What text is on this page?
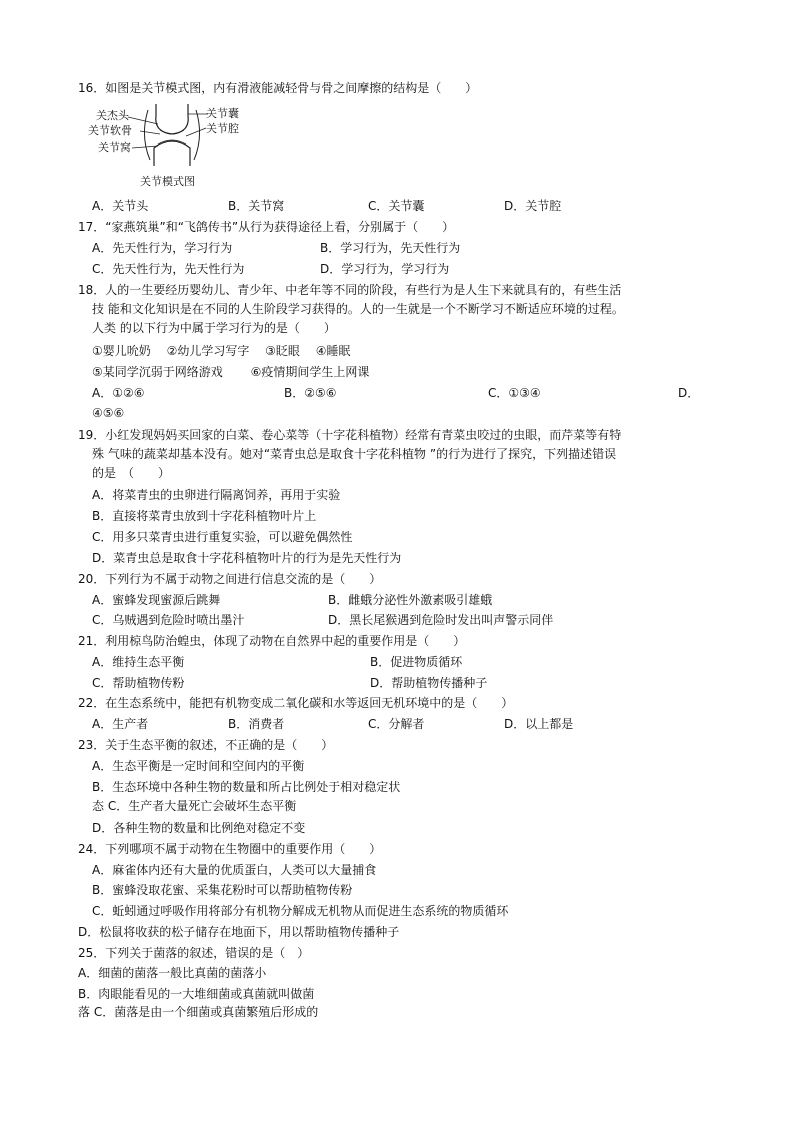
16．如图是关节模式图，内有滑液能减轻骨与骨之间摩擦的结构是（　　）
关杰头
关节软骨
关节窝
关节囊
关节腔
关节模式图
A．关节头	B．关节窝	C．关节囊	D．关节腔
17．“家燕筑巢”和“飞鸽传书”从行为获得途径上看，分别属于（　　）
A．先天性行为，学习行为	B．学习行为，先天性行为
C．先天性行为，先天性行为	D．学习行为，学习行为
18．人的一生要经历婴幼儿、青少年、中老年等不同的阶段，有些行为是人生下来就具有的，有些生活
技 能和文化知识是在不同的人生阶段学习获得的。人的一生就是一个不断学习不断适应环境的过程。
人类 的以下行为中属于学习行为的是（　　）
①婴儿吮奶　 ②幼儿学习写字　 ③眨眼　 ④睡眠
⑤某同学沉弱于网络游戏　　 ⑥疫情期间学生上网课
A．①②⑥	B．②⑤⑥	C．①③④	D．
④⑤⑥
19．小红发现妈妈买回家的白菜、卷心菜等（十字花科植物）经常有青菜虫咬过的虫眼，而芹菜等有特
殊 气味的蔬菜却基本没有。她对“菜青虫总是取食十字花科植物 ”的行为进行了探究，下列描述错误
的是　（　　）
A．将菜青虫的虫卵进行隔离饲养，再用于实验
B．直接将菜青虫放到十字花科植物叶片上
C．用多只菜青虫进行重复实验，可以避免偶然性
D．菜青虫总是取食十字花科植物叶片的行为是先天性行为
20．下列行为不属于动物之间进行信息交流的是（　　）
A．蜜蜂发现蜜源后跳舞	B．雌蛾分泌性外激素吸引雄蛾
C．乌贼遇到危险时喷出墨汁	D．黑长尾猴遇到危险时发出叫声警示同伴
21．利用椋鸟防治蝗虫，体现了动物在自然界中起的重要作用是（　　）
A．维持生态平衡	B．促进物质循环
C．帮助植物传粉	D．帮助植物传播种子
22．在生态系统中，能把有机物变成二氧化碳和水等返回无机环境中的是（　　）
A．生产者	B．消费者	C．分解者	D．以上都是
23．关于生态平衡的叙述，不正确的是（　　）
A．生态平衡是一定时间和空间内的平衡
B．生态环境中各种生物的数量和所占比例处于相对稳定状
态 C．生产者大量死亡会破坏生态平衡
D．各种生物的数量和比例绝对稳定不变
24．下列哪项不属于动物在生物圈中的重要作用（　　）
A．麻雀体内还有大量的优质蛋白，人类可以大量捕食
B．蜜蜂没取花蜜、采集花粉时可以帮助植物传粉
C．蚯蚓通过呼吸作用将部分有机物分解成无机物从而促进生态系统的物质循环
D．松鼠将收获的松子储存在地面下，用以帮助植物传播种子
25．下列关于菌落的叙述，错误的是（　）
A．细菌的菌落一般比真菌的菌落小
B．肉眼能看见的一大堆细菌或真菌就叫做菌
落 C．菌落是由一个细菌或真菌繁殖后形成的
